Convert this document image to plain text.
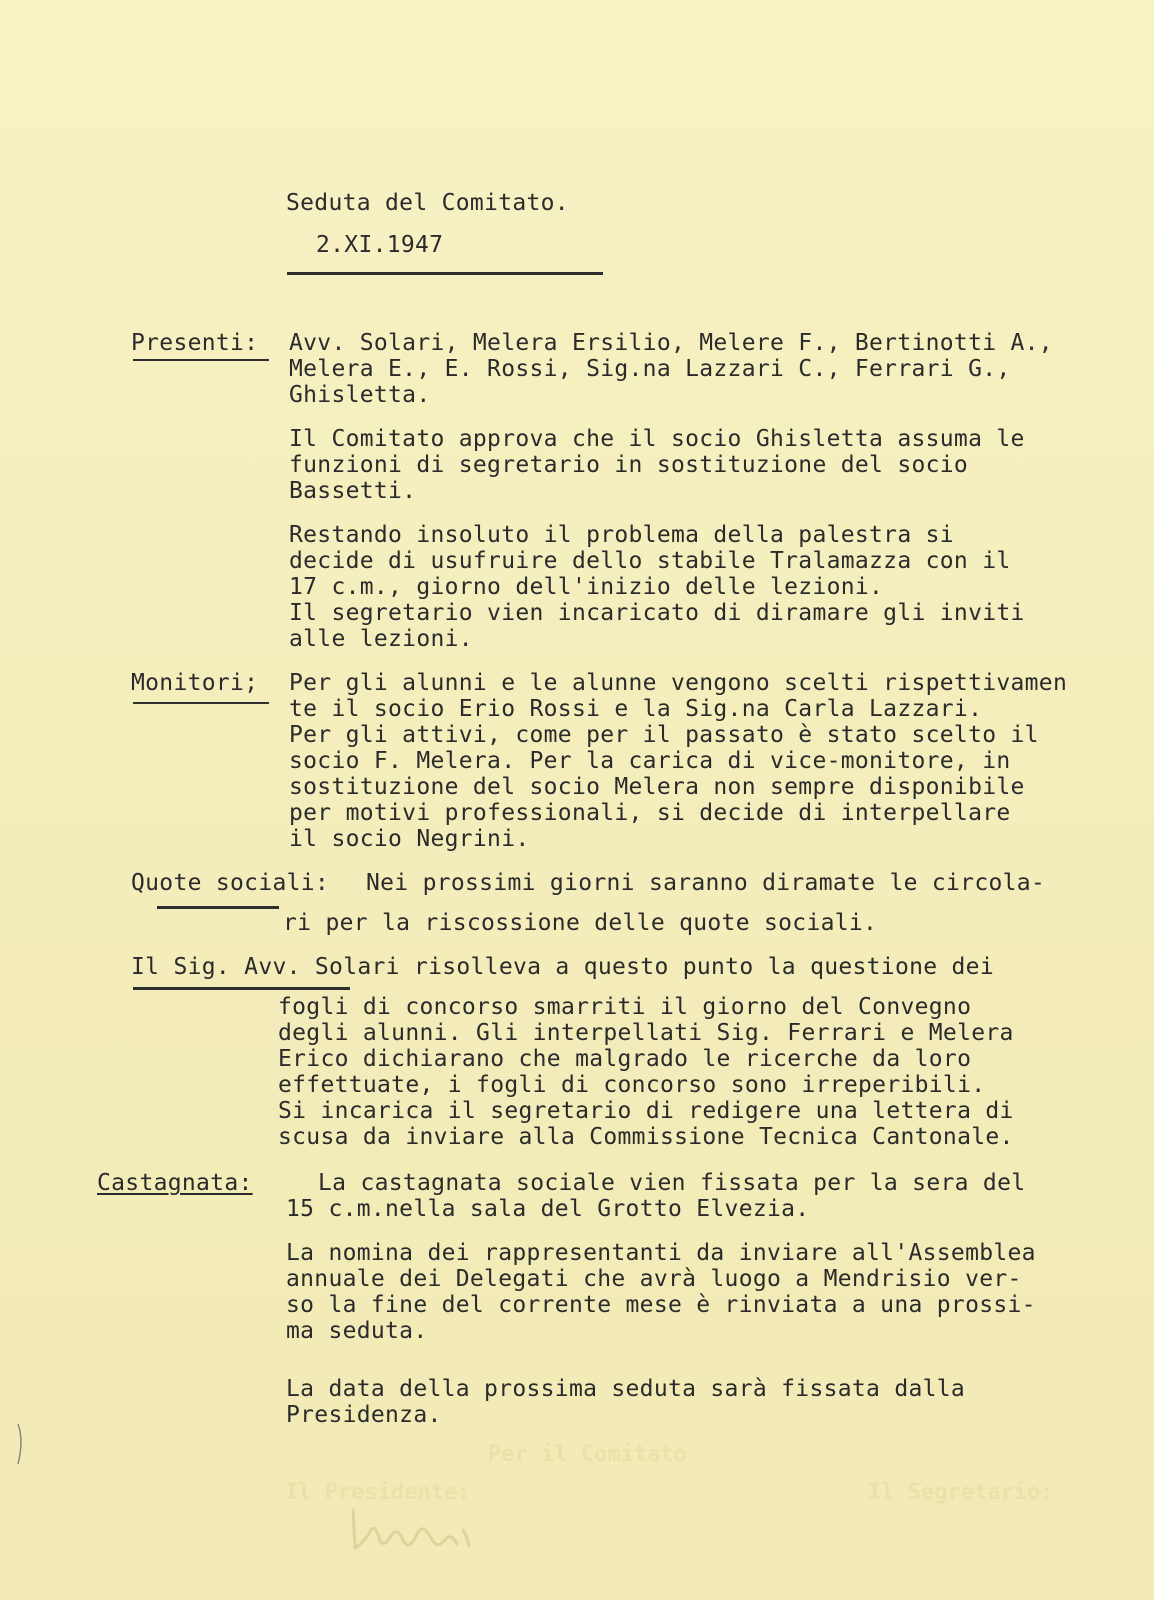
Seduta del Comitato.
2.XI.1947
Presenti: Avv. Solari, Melera Ersilio, Melere F., Bertinotti A.,
Melera E., E. Rossi, Sig.na Lazzari C., Ferrari G.,
Ghisletta.
Il Comitato approva che il socio Ghisletta assuma le
funzioni di segretario in sostituzione del socio
Bassetti.
Restando insoluto il problema della palestra si
decide di usufruire dello stabile Tralamazza con il
17 c.m., giorno dell'inizio delle lezioni.
Il segretario vien incaricato di diramare gli inviti
alle lezioni.
Monitori; Per gli alunni e le alunne vengono scelti rispettivamen
te il socio Erio Rossi e la Sig.na Carla Lazzari.
Per gli attivi, come per il passato è stato scelto il
socio F. Melera. Per la carica di vice-monitore, in
sostituzione del socio Melera non sempre disponibile
per motivi professionali, si decide di interpellare
il socio Negrini.
Quote sociali: Nei prossimi giorni saranno diramate le circola-
ri per la riscossione delle quote sociali.
Il Sig. Avv. Solari risolleva a questo punto la questione dei
fogli di concorso smarriti il giorno del Convegno
degli alunni. Gli interpellati Sig. Ferrari e Melera
Erico dichiarano che malgrado le ricerche da loro
effettuate, i fogli di concorso sono irreperibili.
Si incarica il segretario di redigere una lettera di
scusa da inviare alla Commissione Tecnica Cantonale.
Castagnata:	La castagnata sociale vien fissata per la sera del
15 c.m.nella sala del Grotto Elvezia.
La nomina dei rappresentanti da inviare all'Assemblea
annuale dei Delegati che avrà luogo a Mendrisio ver-
so la fine del corrente mese è rinviata a una prossi-
ma seduta.
La data della prossima seduta sarà fissata dalla
Presidenza.
Per il Comitato
Il Presidente:	Il Segretario:
